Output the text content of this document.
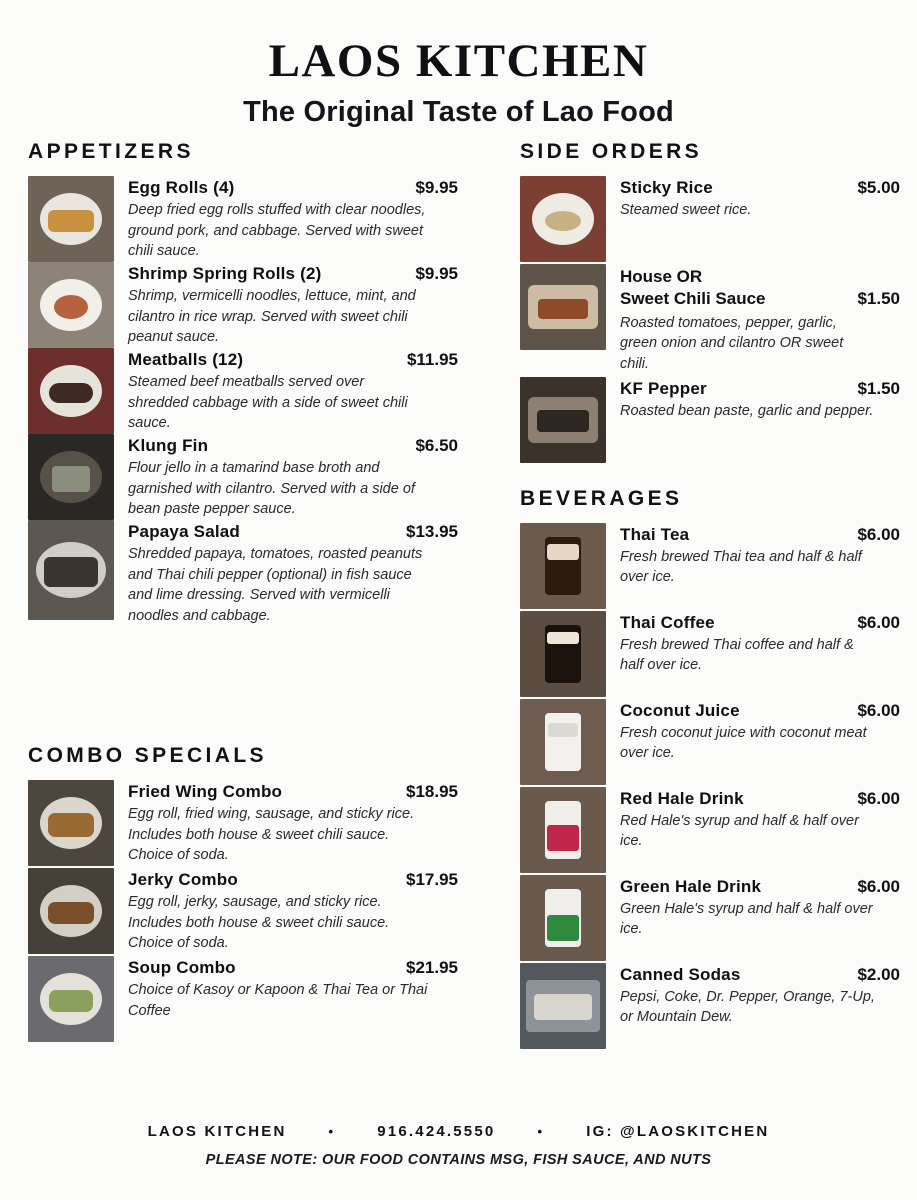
LAOS KITCHEN
The Original Taste of Lao Food
APPETIZERS
Egg Rolls (4)	$9.95
Deep fried egg rolls stuffed with clear noodles, ground pork, and cabbage. Served with sweet chili sauce.
Shrimp Spring Rolls (2)	$9.95
Shrimp, vermicelli noodles, lettuce, mint, and cilantro in rice wrap. Served with sweet chili peanut sauce.
Meatballs (12)	$11.95
Steamed beef meatballs served over shredded cabbage with a side of sweet chili sauce.
Klung Fin	$6.50
Flour jello in a tamarind base broth and garnished with cilantro. Served with a side of bean paste pepper sauce.
Papaya Salad	$13.95
Shredded papaya, tomatoes, roasted peanuts and Thai chili pepper (optional) in fish sauce and lime dressing. Served with vermicelli noodles and cabbage.
COMBO SPECIALS
Fried Wing Combo	$18.95
Egg roll, fried wing, sausage, and sticky rice. Includes both house & sweet chili sauce. Choice of soda.
Jerky Combo	$17.95
Egg roll, jerky, sausage, and sticky rice. Includes both house & sweet chili sauce. Choice of soda.
Soup Combo	$21.95
Choice of Kasoy or Kapoon & Thai Tea or Thai Coffee
SIDE ORDERS
Sticky Rice	$5.00
Steamed sweet rice.
House OR
Sweet Chili Sauce	$1.50
Roasted tomatoes, pepper, garlic, green onion and cilantro OR sweet chili.
KF Pepper	$1.50
Roasted bean paste, garlic and pepper.
BEVERAGES
Thai Tea	$6.00
Fresh brewed Thai tea and half & half over ice.
Thai Coffee	$6.00
Fresh brewed Thai coffee and half & half over ice.
Coconut Juice	$6.00
Fresh coconut juice with coconut meat over ice.
Red Hale Drink	$6.00
Red Hale's syrup and half & half over ice.
Green Hale Drink	$6.00
Green Hale's syrup and half & half over ice.
Canned Sodas	$2.00
Pepsi, Coke, Dr. Pepper, Orange, 7-Up, or Mountain Dew.
LAOS KITCHEN	•	916.424.5550	•	IG: @LAOSKITCHEN
PLEASE NOTE: OUR FOOD CONTAINS MSG, FISH SAUCE, AND NUTS
